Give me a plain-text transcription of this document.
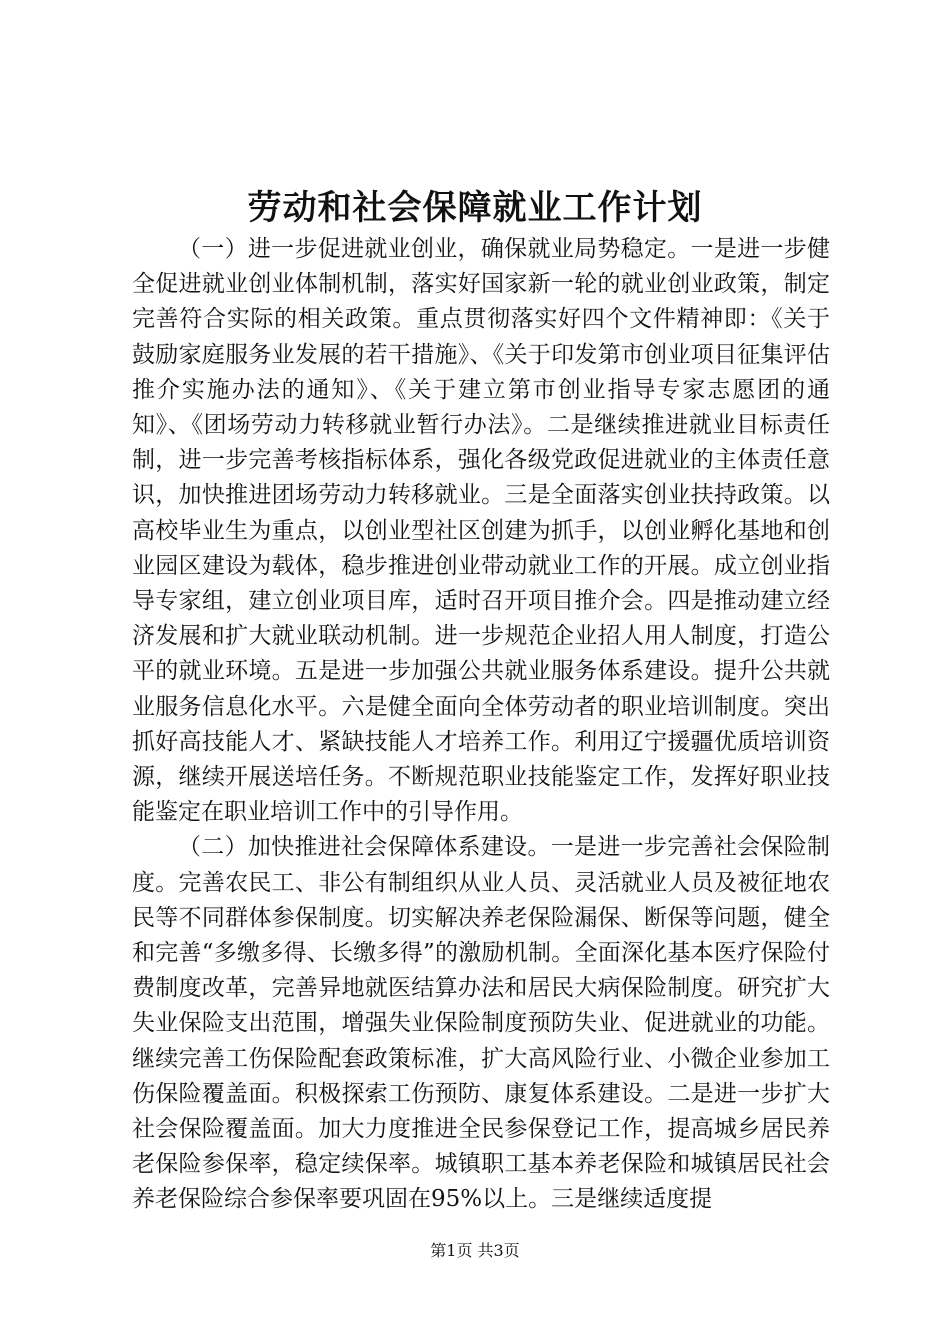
劳动和社会保障就业工作计划

（一）进一步促进就业创业，确保就业局势稳定。一是进一步健全促进就业创业体制机制，落实好国家新一轮的就业创业政策，制定完善符合实际的相关政策。重点贯彻落实好四个文件精神即：《关于鼓励家庭服务业发展的若干措施》、《关于印发第市创业项目征集评估推介实施办法的通知》、《关于建立第市创业指导专家志愿团的通知》、《团场劳动力转移就业暂行办法》。二是继续推进就业目标责任制，进一步完善考核指标体系，强化各级党政促进就业的主体责任意识，加快推进团场劳动力转移就业。三是全面落实创业扶持政策。以高校毕业生为重点，以创业型社区创建为抓手，以创业孵化基地和创业园区建设为载体，稳步推进创业带动就业工作的开展。成立创业指导专家组，建立创业项目库，适时召开项目推介会。四是推动建立经济发展和扩大就业联动机制。进一步规范企业招人用人制度，打造公平的就业环境。五是进一步加强公共就业服务体系建设。提升公共就业服务信息化水平。六是健全面向全体劳动者的职业培训制度。突出抓好高技能人才、紧缺技能人才培养工作。利用辽宁援疆优质培训资源，继续开展送培任务。不断规范职业技能鉴定工作，发挥好职业技能鉴定在职业培训工作中的引导作用。

（二）加快推进社会保障体系建设。一是进一步完善社会保险制度。完善农民工、非公有制组织从业人员、灵活就业人员及被征地农民等不同群体参保制度。切实解决养老保险漏保、断保等问题，健全和完善“多缴多得、长缴多得”的激励机制。全面深化基本医疗保险付费制度改革，完善异地就医结算办法和居民大病保险制度。研究扩大失业保险支出范围，增强失业保险制度预防失业、促进就业的功能。继续完善工伤保险配套政策标准，扩大高风险行业、小微企业参加工伤保险覆盖面。积极探索工伤预防、康复体系建设。二是进一步扩大社会保险覆盖面。加大力度推进全民参保登记工作，提高城乡居民养老保险参保率，稳定续保率。城镇职工基本养老保险和城镇居民社会养老保险综合参保率要巩固在95%以上。三是继续适度提

第1页 共3页
